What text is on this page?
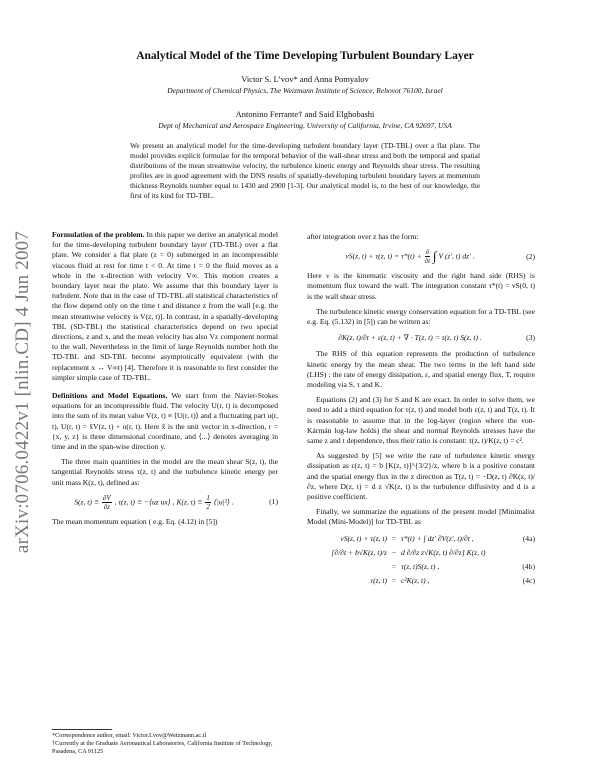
arXiv:0706.0422v1 [nlin.CD] 4 Jun 2007
Analytical Model of the Time Developing Turbulent Boundary Layer
Victor S. L’vov* and Anna Pomyalov
Department of Chemical Physics, The Weizmann Institute of Science, Rehovot 76100, Israel
Antonino Ferrante† and Said Elghobashi
Dept of Mechanical and Aerospace Engineering, University of California, Irvine, CA 92697, USA
We present an analytical model for the time-developing turbulent boundary layer (TD-TBL) over a flat plate. The model provides explicit formulae for the temporal behavior of the wall-shear stress and both the temporal and spatial distributions of the mean streamwise velocity, the turbulence kinetic energy and Reynolds shear stress. The resulting profiles are in good agreement with the DNS results of spatially-developing turbulent boundary layers at momentum thickness Reynolds number equal to 1430 and 2900 [1-3]. Our analytical model is, to the best of our knowledge, the first of its kind for TD-TBL.

Formulation of the problem. In this paper we derive an analytical model for the time-developing turbulent boundary layer (TD-TBL) over a flat plate. We consider a flat plate (z = 0) submerged in an incompressible viscous fluid at rest for time t < 0. At time t = 0 the fluid moves as a whole in the x-direction with velocity V∞. This motion creates a boundary layer near the plate. We assume that this boundary layer is turbulent. Note that in the case of TD-TBL all statistical characteristics of the flow depend only on the time t and distance z from the wall [e.g. the mean streamwise velocity is V(z, t)]. In contrast, in a spatially-developing TBL (SD-TBL) the statistical characteristics depend on two special directions, z and x, and the mean velocity has also Vz component normal to the wall. Nevertheless in the limit of large Reynolds number both the TD-TBL and SD-TBL become asymptotically equivalent (with the replacement x ↔ V∞t) [4]. Therefore it is reasonable to first consider the simpler simple case of TD-TBL.

Definitions and Model Equations. We start from the Navier-Stokes equations for an incompressible fluid. The velocity U(r, t) is decomposed into the sum of its mean value V(z, t) ≡ ⟨U(r, t)⟩ and a fluctuating part u(r, t), U(r, t) = x̂V(z, t) + u(r, t). Here x̂ is the unit vector in x-direction, r = {x, y, z} is three dimensional coordinate, and ⟨...⟩ denotes averaging in time and in the span-wise direction y.

The three main quantities in the model are the mean shear S(z, t), the tangential Reynolds stress τ(z, t) and the turbulence kinetic energy per unit mass K(z, t), defined as:

S(z, $t) \equiv \frac{\partial V}{\partial z}$ , τ(z, t) ≡ −⟨uz ux⟩ , K(z, $t) \equiv \frac{1}{2}$ ⟨|u|²⟩ .	(1)

The mean momentum equation ( e.g. Eq. (4.12) in [5])

*Correspondence author, email: Victor.Lvov@Weizmann.ac.il
†Currently at the Graduate Aeronautical Laboratories, California Institute of Technology, Pasadena, CA 91125

after integration over z has the form:

νS(z, t) + τ(z, $t) = \tau*(t) + \frac{\partial}{\partial t}$ ∫ V (z′, t) dz′ .	(2)

Here ν is the kinematic viscosity and the right hand side (RHS) is momentum flux toward the wall. The integration constant τ*(t) = νS(0, t) is the wall shear stress.

The turbulence kinetic energy conservation equation for a TD-TBL (see e.g. Eq. (5.132) in [5]) can be written as:

∂K(z, t)/∂t + ε(z, t) + ∇ · T(z, t) = τ(z, t) S(z, t) .	(3)

The RHS of this equation represents the production of turbulence kinetic energy by the mean shear. The two terms in the left hand side (LHS) : the rate of energy dissipation, ε, and spatial energy flux, T, require modeling via S, τ and K.

Equations (2) and (3) for S and K are exact. In order to solve them, we need to add a third equation for τ(z, t) and model both ε(z, t) and T(z, t). It is reasonable to assume that in the log-layer (region where the von-Kármán log-law holds) the shear and normal Reynolds stresses have the same z and t dependence, thus their ratio is constant: τ(z, t)/K(z, t) = c².

As suggested by [5] we write the rate of turbulence kinetic energy dissipation as ε(z, t) = b [K(z, t)]^{3/2}/z, where b is a positive constant and the spatial energy flux in the z direction as T(z, t) = −D(z, t) ∂K(z, t)/∂z, where D(z, t) = d z √K(z, t) is the turbulence diffusivity and d is a positive coefficient.

Finally, we summarize the equations of the present model [Minimalist Model (Mini-Model)] for TD-TBL as

νS(z, t) + τ(z, t) = τ*(t) + ∫ dz′ ∂V(z′, t)/∂t ,	(4a)
[∂/∂t + b√K(z, t)/z − d ∂/∂z z√K(z, t) ∂/∂z] K(z, t)
= τ(z, t)S(z, t) ,	(4b)
τ(z, t) = c²K(z, t) ,	(4c)
